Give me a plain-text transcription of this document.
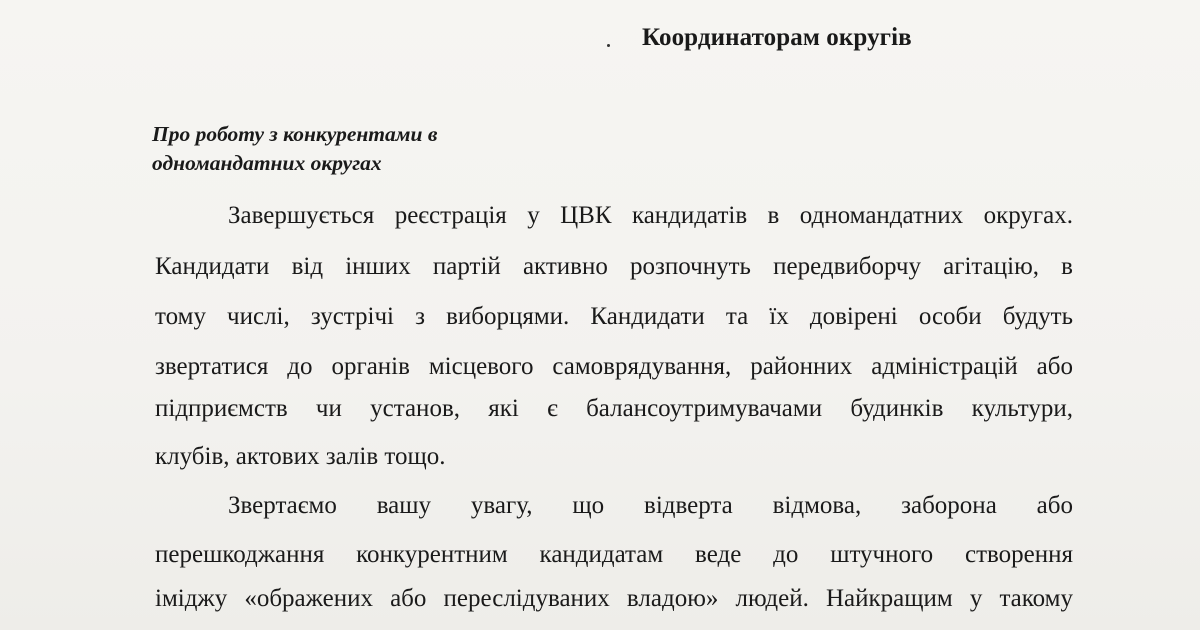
Координаторам округів
Про роботу з конкурентами в
одномандатних округах
Завершується реєстрація у ЦВК кандидатів в одномандатних округах.
Кандидати від інших партій активно розпочнуть передвиборчу агітацію, в
тому числі, зустрічі з виборцями. Кандидати та їх довірені особи будуть
звертатися до органів місцевого самоврядування, районних адміністрацій або
підприємств чи установ, які є балансоутримувачами будинків культури,
клубів, актових залів тощо.
Звертаємо вашу увагу, що відверта відмова, заборона або
перешкоджання конкурентним кандидатам веде до штучного створення
іміджу «ображених або переслідуваних владою» людей. Найкращим у такому
